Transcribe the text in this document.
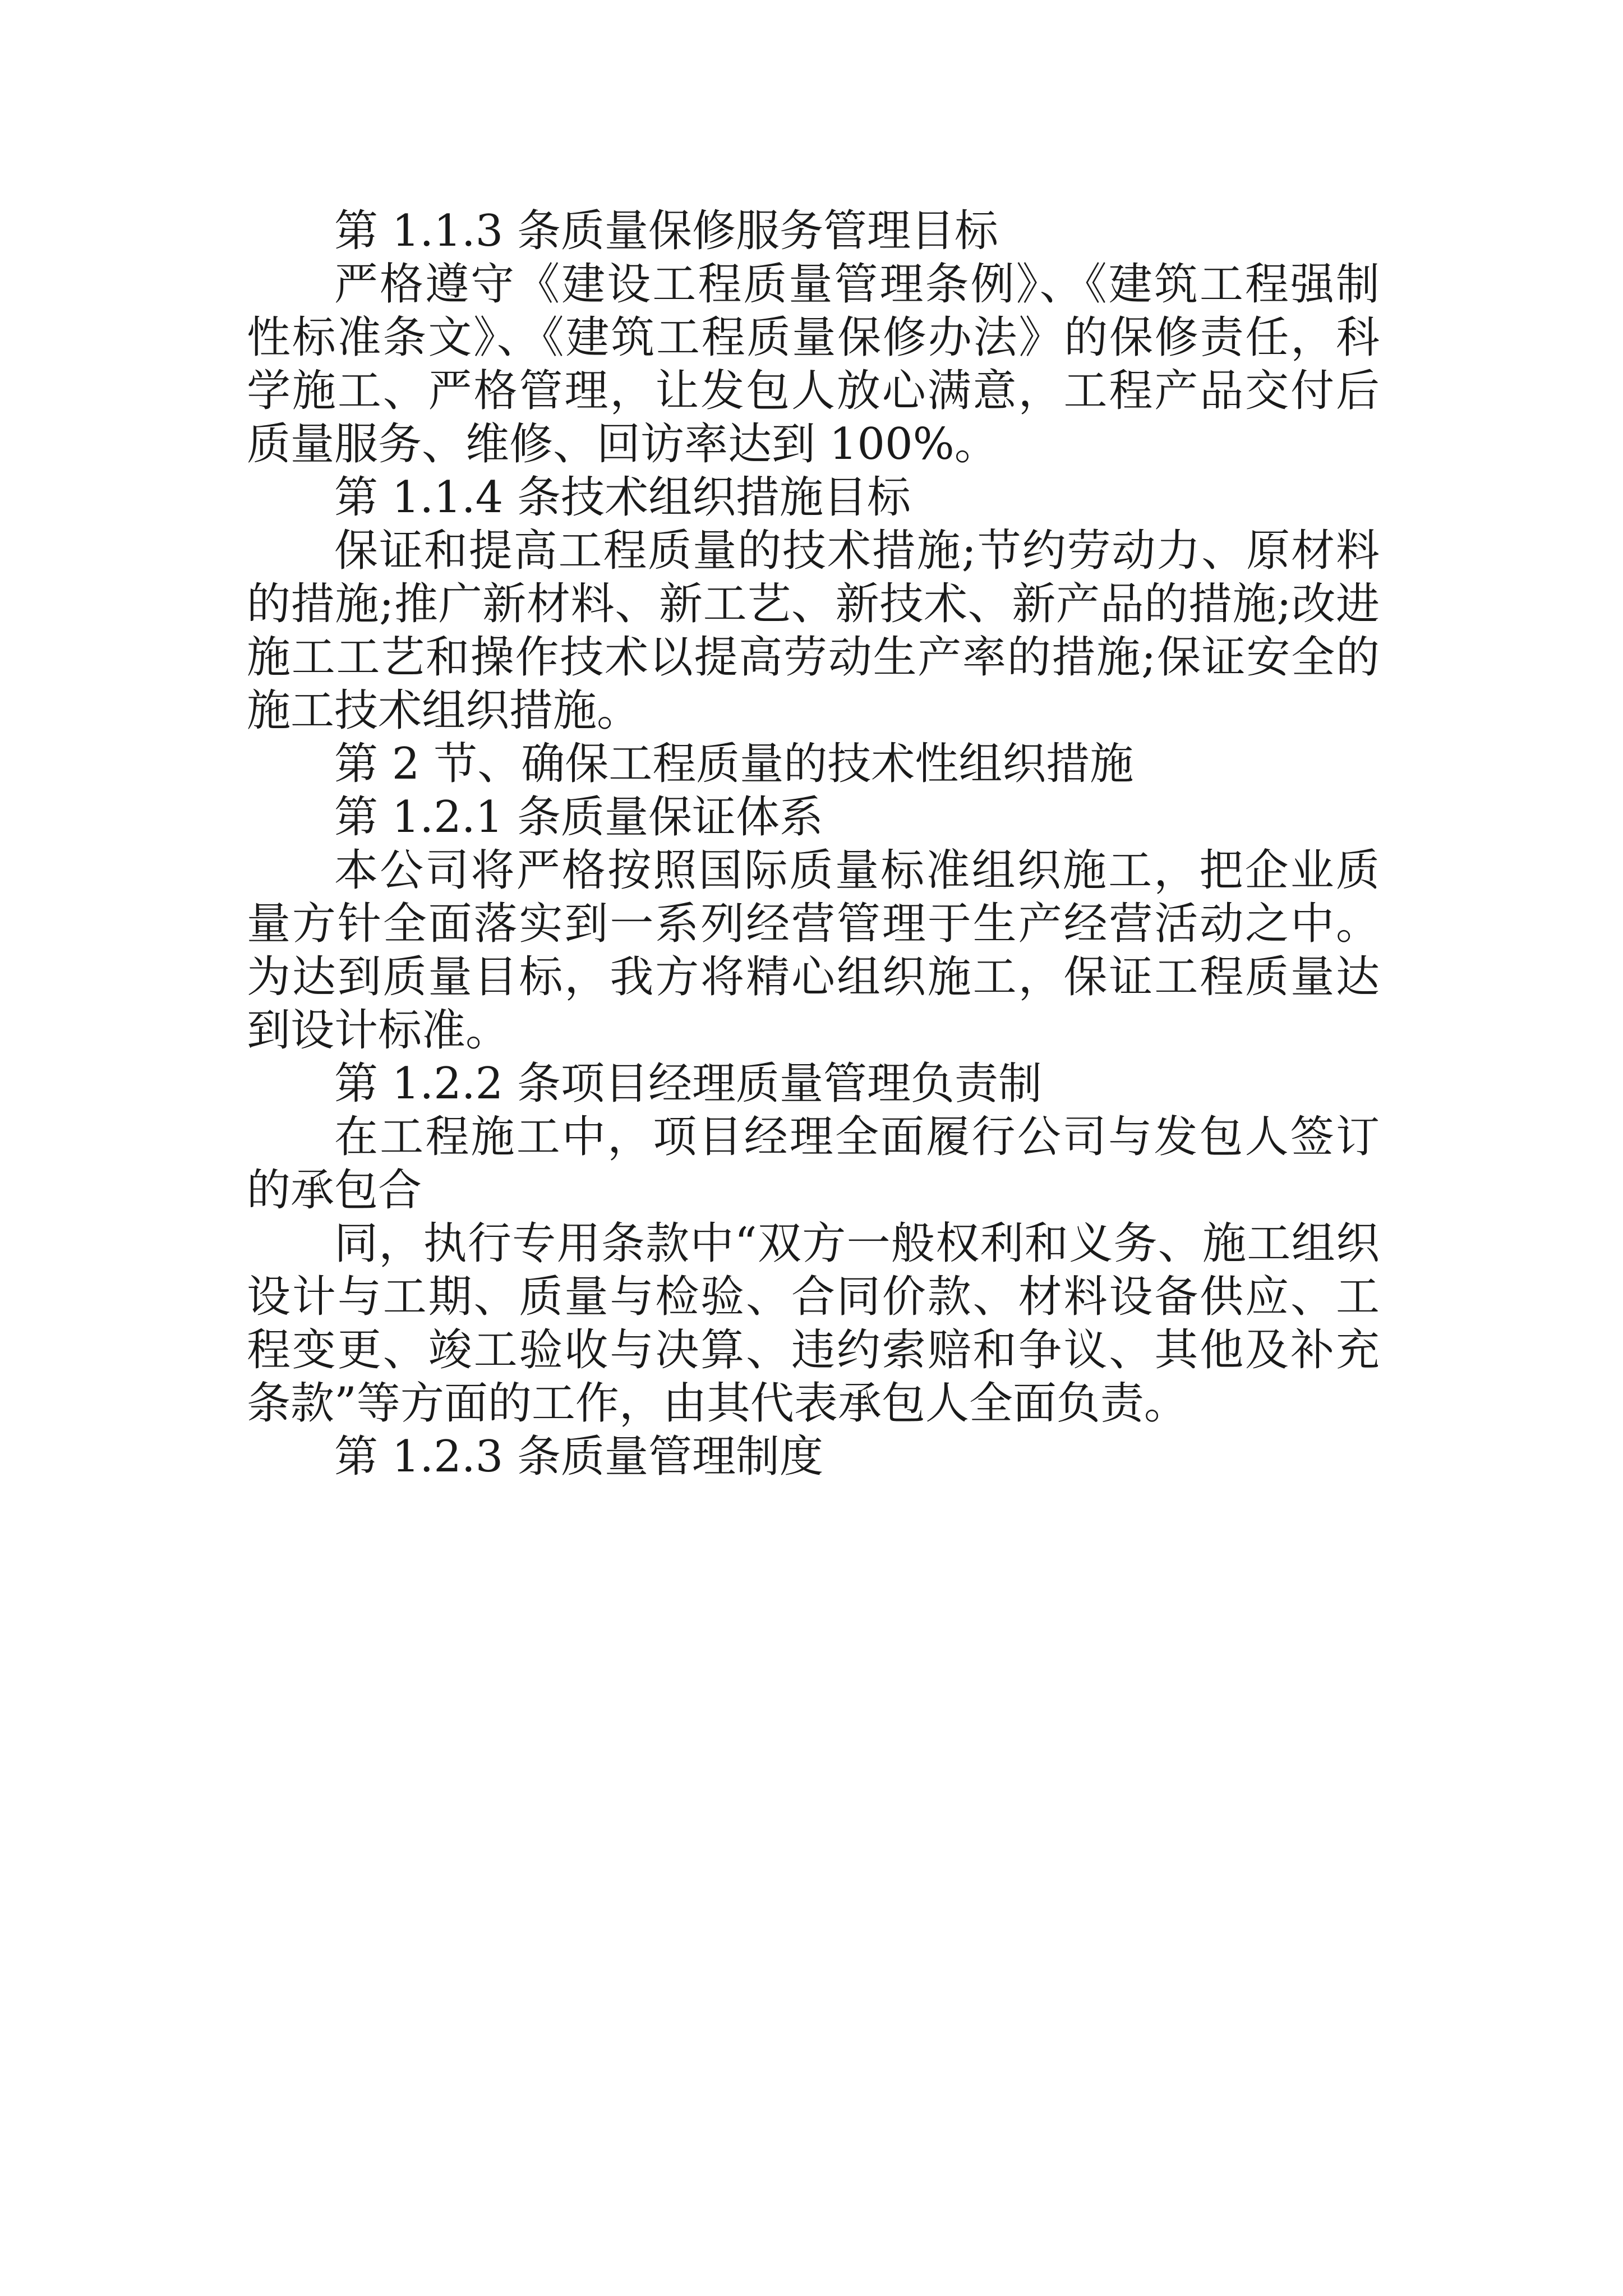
第 1.1.3 条质量保修服务管理目标

严格遵守《建设工程质量管理条例》、《建筑工程强制性标准条文》、《建筑工程质量保修办法》的保修责任，科学施工、严格管理，让发包人放心满意，工程产品交付后质量服务、维修、回访率达到 100%。

第 1.1.4 条技术组织措施目标

保证和提高工程质量的技术措施;节约劳动力、原材料的措施;推广新材料、新工艺、新技术、新产品的措施;改进施工工艺和操作技术以提高劳动生产率的措施;保证安全的施工技术组织措施。

第 2 节、确保工程质量的技术性组织措施

第 1.2.1 条质量保证体系

本公司将严格按照国际质量标准组织施工，把企业质量方针全面落实到一系列经营管理于生产经营活动之中。为达到质量目标，我方将精心组织施工，保证工程质量达到设计标准。

第 1.2.2 条项目经理质量管理负责制

在工程施工中，项目经理全面履行公司与发包人签订的承包合

同，执行专用条款中“双方一般权利和义务、施工组织设计与工期、质量与检验、合同价款、材料设备供应、工程变更、竣工验收与决算、违约索赔和争议、其他及补充条款”等方面的工作，由其代表承包人全面负责。

第 1.2.3 条质量管理制度
